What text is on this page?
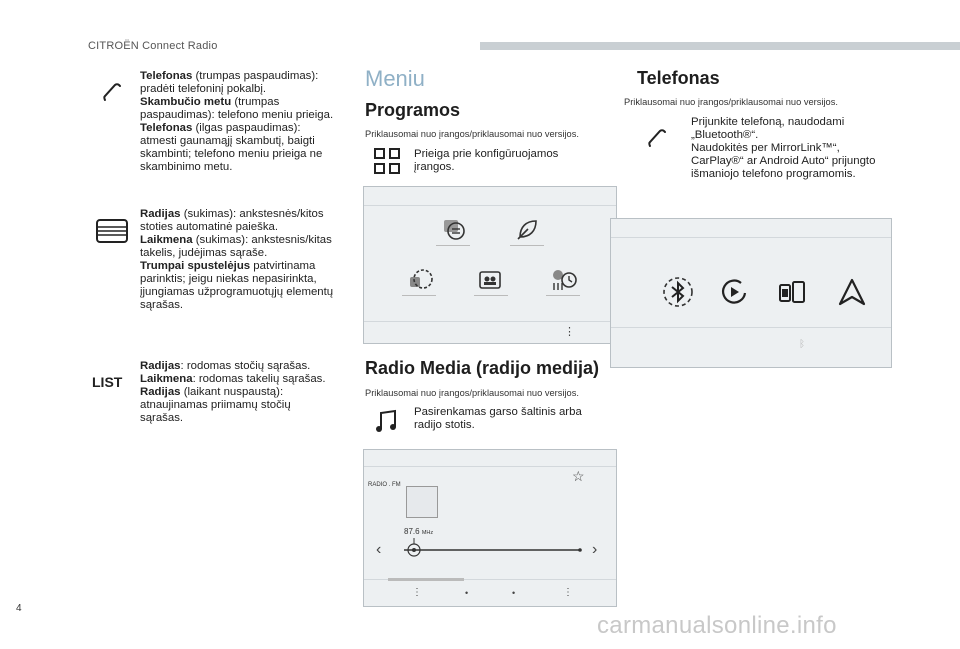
CITROËN Connect Radio
Telefonas (trumpas paspaudimas): pradėti telefoninį pokalbį.
Skambučio metu (trumpas paspaudimas): telefono meniu prieiga.
Telefonas (ilgas paspaudimas): atmesti gaunamąjį skambutį, baigti skambinti; telefono meniu prieiga ne skambinimo metu.
Radijas (sukimas): ankstesnės/kitos stoties automatinė paieška.
Laikmena (sukimas): ankstesnis/kitas takelis, judėjimas sąraše.
Trumpai spustelėjus patvirtinama parinktis; jeigu niekas nepasirinkta, įjungiamas užprogramuotųjų elementų sąrašas.
LIST
Radijas: rodomas stočių sąrašas.
Laikmena: rodomas takelių sąrašas.
Radijas (laikant nuspaustą): atnaujinamas priimamų stočių sąrašas.
Meniu
Programos
Priklausomai nuo įrangos/priklausomai nuo versijos.
Prieiga prie konfigūruojamos įrangos.
⋮
Radio Media (radijo medija)
Priklausomai nuo įrangos/priklausomai nuo versijos.
Pasirenkamas garso šaltinis arba radijo stotis.
☆
RADIO . FM
87.6 MHz
‹	›
⋮	•	•	⋮
Telefonas
Priklausomai nuo įrangos/priklausomai nuo versijos.
Prijunkite telefoną, naudodami
„Bluetooth®“.
Naudokitės per MirrorLink™“,
CarPlay®“ ar Android Auto“ prijungto
išmaniojo telefono programomis.
ᛒ
4
carmanualsonline.info
